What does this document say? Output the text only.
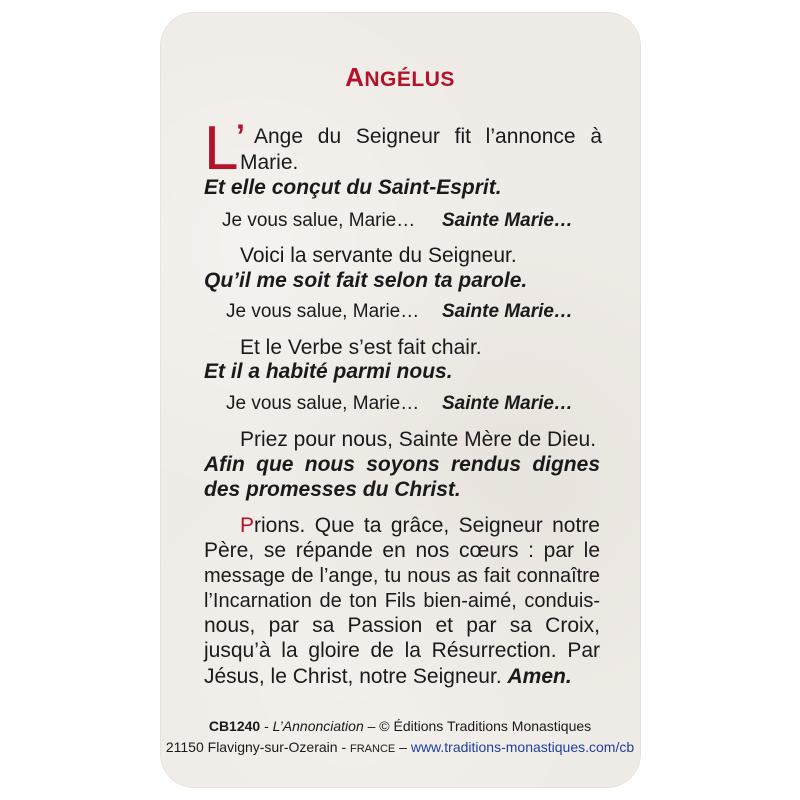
ANGÉLUS
L
’ Ange du Seigneur fit l’annonce à
Marie.
Et elle conçut du Saint-Esprit.
Je vous salue, Marie… Sainte Marie…
Voici la servante du Seigneur.
Qu’il me soit fait selon ta parole.
Je vous salue, Marie… Sainte Marie…
Et le Verbe s’est fait chair.
Et il a habité parmi nous.
Je vous salue, Marie… Sainte Marie…
Priez pour nous, Sainte Mère de Dieu.
Afin que nous soyons rendus dignes
des promesses du Christ.
Prions. Que ta grâce, Seigneur notre
Père, se répande en nos cœurs : par le
message de l’ange, tu nous as fait connaître
l’Incarnation de ton Fils bien-aimé, conduis-
nous, par sa Passion et par sa Croix,
jusqu’à la gloire de la Résurrection. Par
Jésus, le Christ, notre Seigneur. Amen.
CB1240 - L’Annonciation – © Éditions Traditions Monastiques
21150 Flavigny-sur-Ozerain - FRANCE – www.traditions-monastiques.com/cb
